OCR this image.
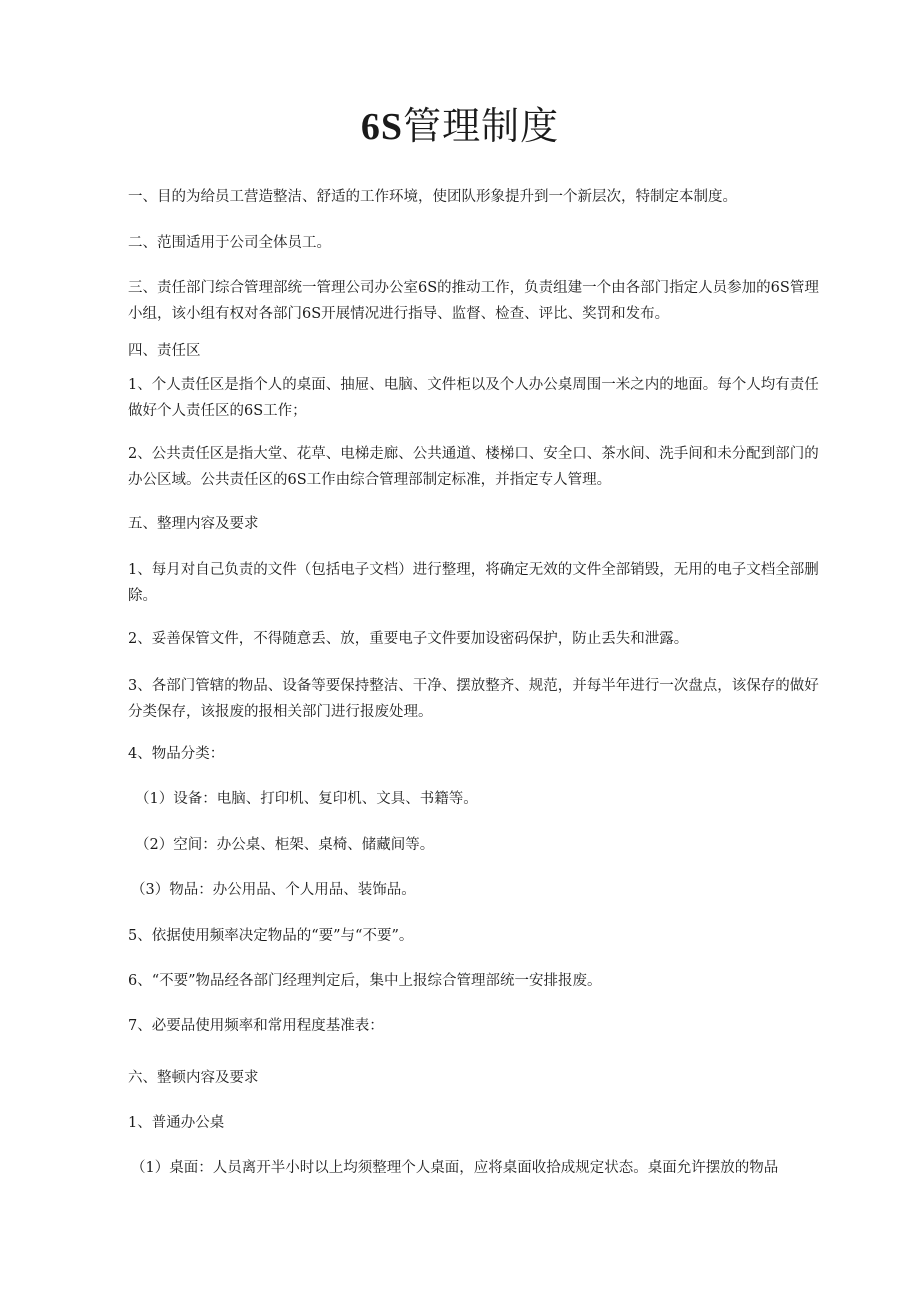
6S管理制度

一、目的为给员工营造整洁、舒适的工作环境，使团队形象提升到一个新层次，特制定本制度。

二、范围适用于公司全体员工。

三、责任部门综合管理部统一管理公司办公室6S的推动工作，负责组建一个由各部门指定人员参加的6S管理小组，该小组有权对各部门6S开展情况进行指导、监督、检查、评比、奖罚和发布。

四、责任区

1、个人责任区是指个人的桌面、抽屉、电脑、文件柜以及个人办公桌周围一米之内的地面。每个人均有责任做好个人责任区的6S工作；

2、公共责任区是指大堂、花草、电梯走廊、公共通道、楼梯口、安全口、茶水间、洗手间和未分配到部门的办公区域。公共责任区的6S工作由综合管理部制定标准，并指定专人管理。

五、整理内容及要求

1、每月对自己负责的文件（包括电子文档）进行整理，将确定无效的文件全部销毁，无用的电子文档全部删除。

2、妥善保管文件，不得随意丢、放，重要电子文件要加设密码保护，防止丢失和泄露。

3、各部门管辖的物品、设备等要保持整洁、干净、摆放整齐、规范，并每半年进行一次盘点，该保存的做好分类保存，该报废的报相关部门进行报废处理。

4、物品分类：

（1）设备：电脑、打印机、复印机、文具、书籍等。

（2）空间：办公桌、柜架、桌椅、储藏间等。

（3）物品：办公用品、个人用品、装饰品。

5、依据使用频率决定物品的“要”与“不要”。

6、“不要”物品经各部门经理判定后，集中上报综合管理部统一安排报废。

7、必要品使用频率和常用程度基准表：

六、整顿内容及要求

1、普通办公桌

（1）桌面：人员离开半小时以上均须整理个人桌面，应将桌面收拾成规定状态。桌面允许摆放的物品
